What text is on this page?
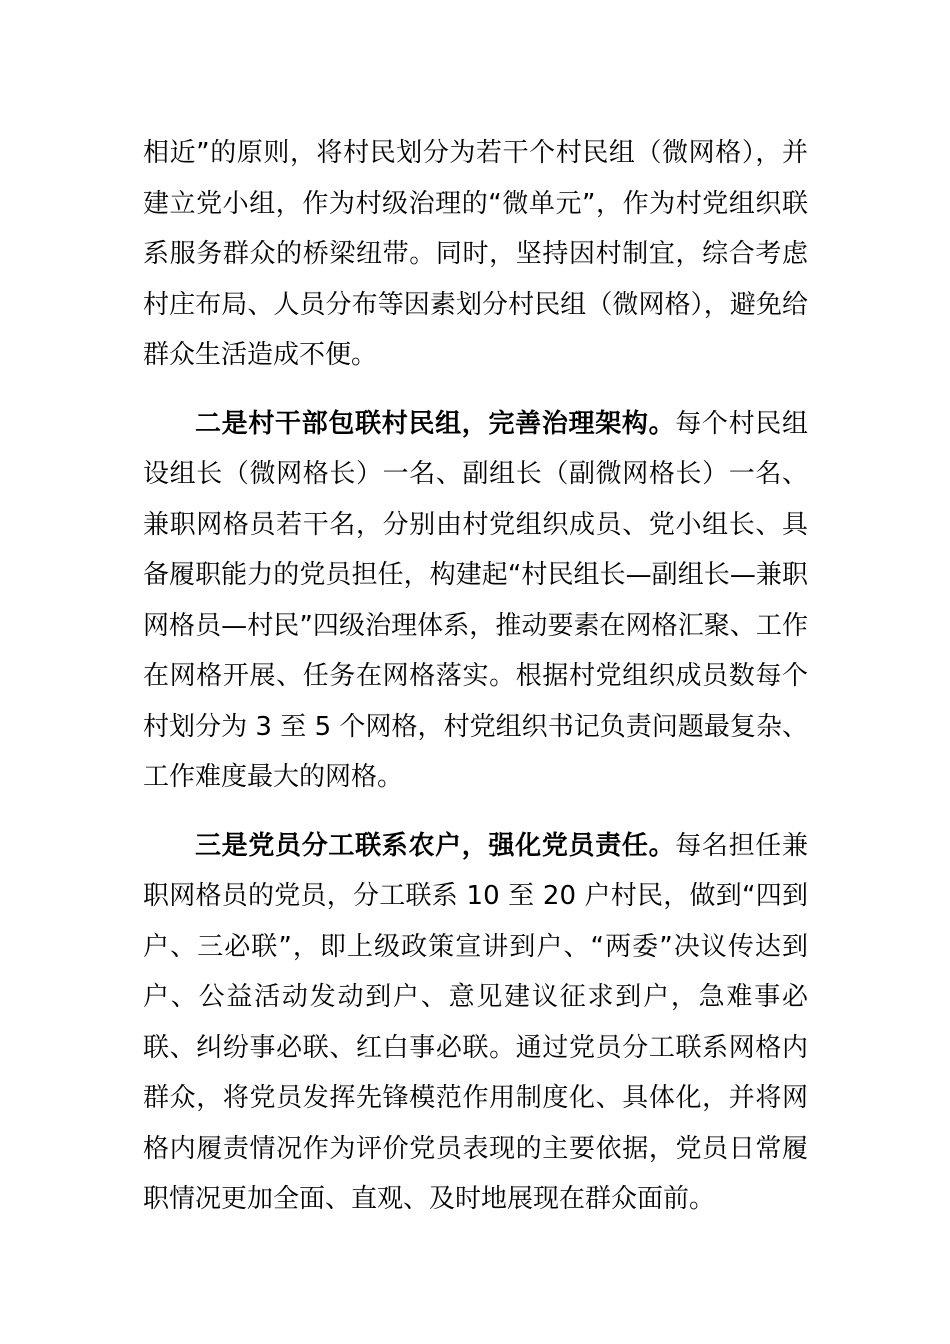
相近”的原则，将村民划分为若干个村民组（微网格），并建立党小组，作为村级治理的“微单元”，作为村党组织联系服务群众的桥梁纽带。同时，坚持因村制宜，综合考虑村庄布局、人员分布等因素划分村民组（微网格），避免给群众生活造成不便。

二是村干部包联村民组，完善治理架构。每个村民组设组长（微网格长）一名、副组长（副微网格长）一名、兼职网格员若干名，分别由村党组织成员、党小组长、具备履职能力的党员担任，构建起“村民组长—副组长—兼职网格员—村民”四级治理体系，推动要素在网格汇聚、工作在网格开展、任务在网格落实。根据村党组织成员数每个村划分为 3 至 5 个网格，村党组织书记负责问题最复杂、工作难度最大的网格。

三是党员分工联系农户，强化党员责任。每名担任兼职网格员的党员，分工联系 10 至 20 户村民，做到“四到户、三必联”，即上级政策宣讲到户、“两委”决议传达到户、公益活动发动到户、意见建议征求到户，急难事必联、纠纷事必联、红白事必联。通过党员分工联系网格内群众，将党员发挥先锋模范作用制度化、具体化，并将网格内履责情况作为评价党员表现的主要依据，党员日常履职情况更加全面、直观、及时地展现在群众面前。
